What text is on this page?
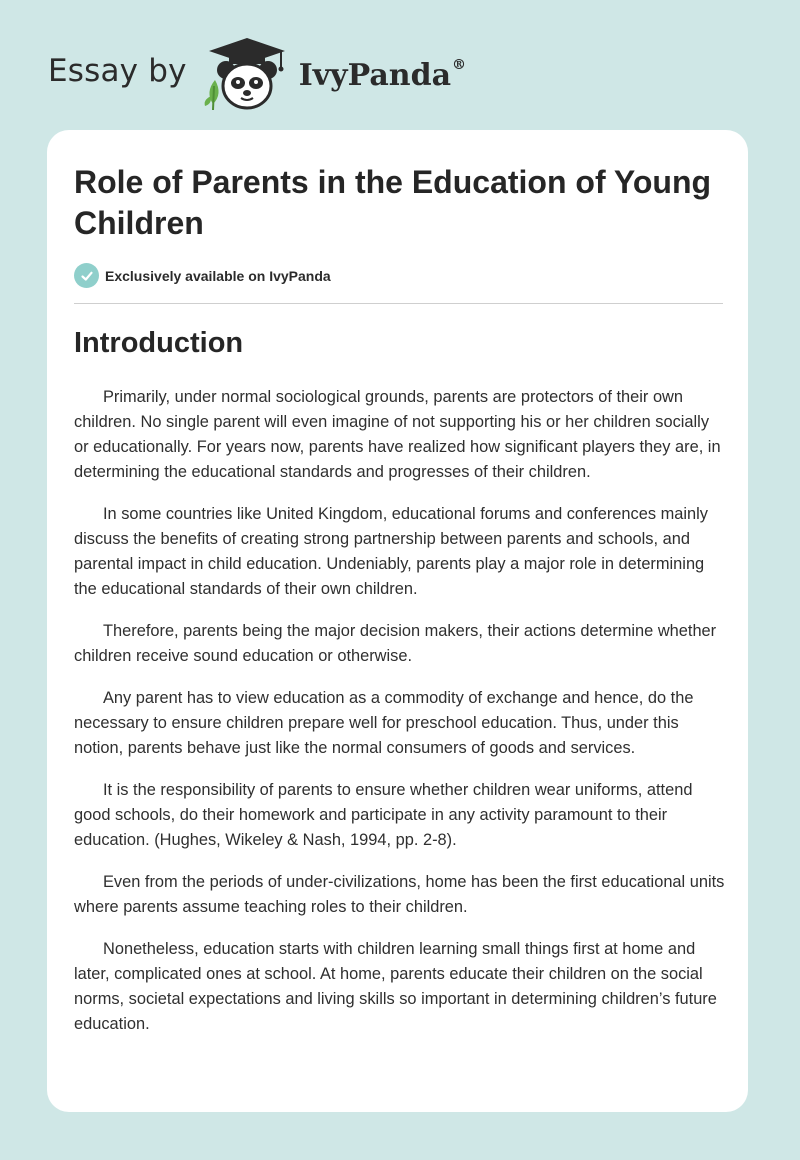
Essay by	IvyPanda®
Role of Parents in the Education of Young Children
Exclusively available on IvyPanda
Introduction

Primarily, under normal sociological grounds, parents are protectors of their own children. No single parent will even imagine of not supporting his or her children socially or educationally. For years now, parents have realized how significant players they are, in determining the educational standards and progresses of their children.

In some countries like United Kingdom, educational forums and conferences mainly discuss the benefits of creating strong partnership between parents and schools, and parental impact in child education. Undeniably, parents play a major role in determining the educational standards of their own children.

Therefore, parents being the major decision makers, their actions determine whether children receive sound education or otherwise.

Any parent has to view education as a commodity of exchange and hence, do the necessary to ensure children prepare well for preschool education. Thus, under this notion, parents behave just like the normal consumers of goods and services.

It is the responsibility of parents to ensure whether children wear uniforms, attend good schools, do their homework and participate in any activity paramount to their education. (Hughes, Wikeley & Nash, 1994, pp. 2-8).

Even from the periods of under-civilizations, home has been the first educational units where parents assume teaching roles to their children.

Nonetheless, education starts with children learning small things first at home and later, complicated ones at school. At home, parents educate their children on the social norms, societal expectations and living skills so important in determining children’s future education.
